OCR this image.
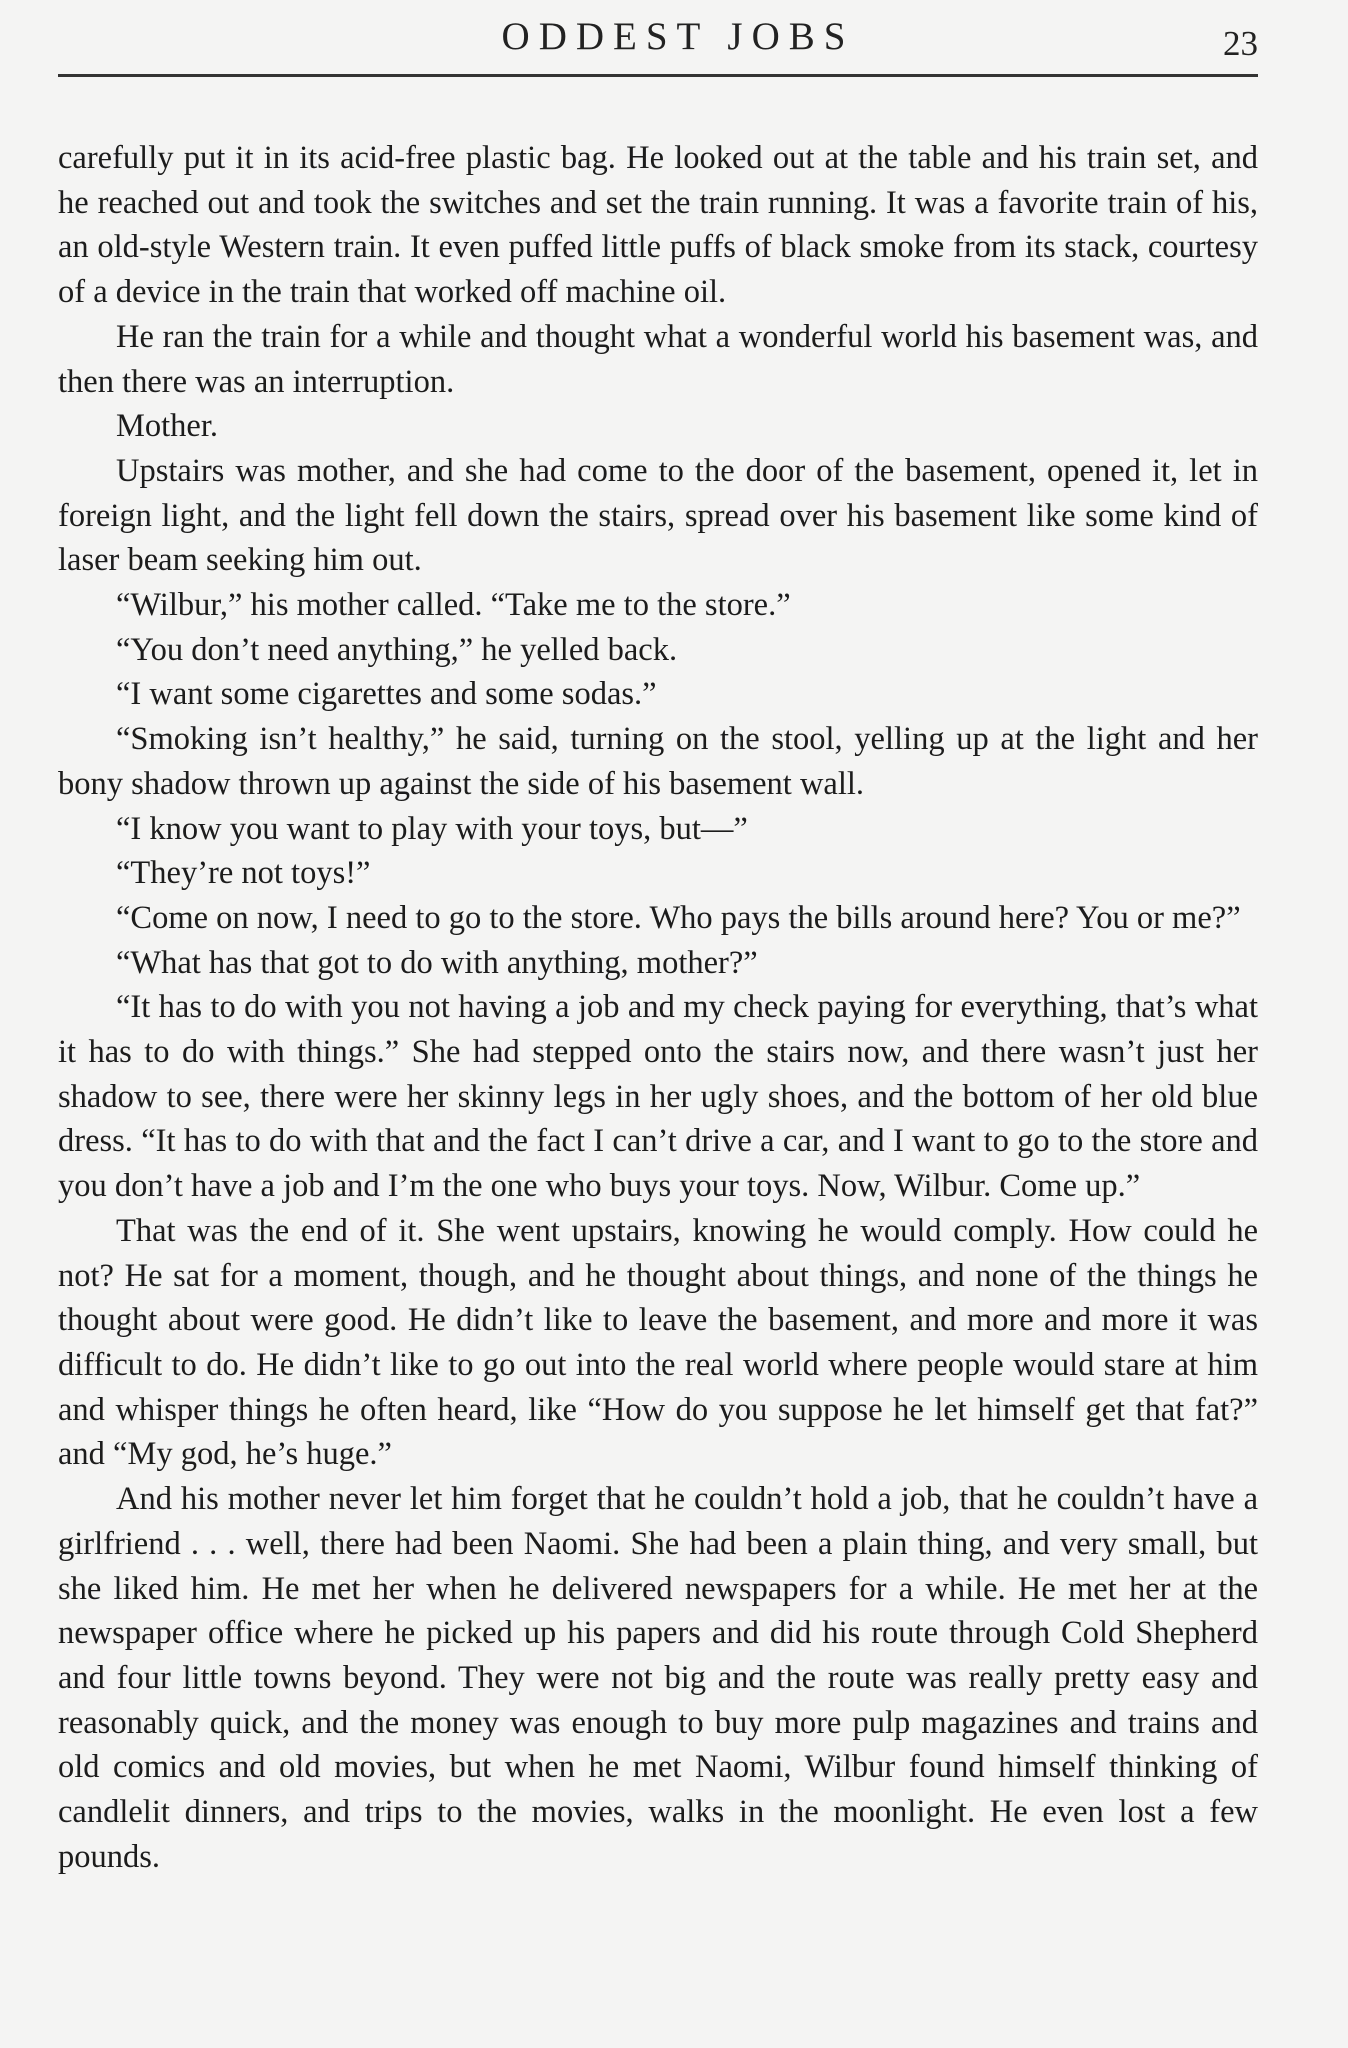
ODDEST JOBS	23

carefully put it in its acid-free plastic bag. He looked out at the table and his train set, and he reached out and took the switches and set the train running. It was a favorite train of his, an old-style Western train. It even puffed little puffs of black smoke from its stack, courtesy of a device in the train that worked off machine oil.

He ran the train for a while and thought what a wonderful world his basement was, and then there was an interruption.

Mother.

Upstairs was mother, and she had come to the door of the basement, opened it, let in foreign light, and the light fell down the stairs, spread over his basement like some kind of laser beam seeking him out.

“Wilbur,” his mother called. “Take me to the store.”

“You don’t need anything,” he yelled back.

“I want some cigarettes and some sodas.”

“Smoking isn’t healthy,” he said, turning on the stool, yelling up at the light and her bony shadow thrown up against the side of his basement wall.

“I know you want to play with your toys, but—”

“They’re not toys!”

“Come on now, I need to go to the store. Who pays the bills around here? You or me?”

“What has that got to do with anything, mother?”

“It has to do with you not having a job and my check paying for everything, that’s what it has to do with things.” She had stepped onto the stairs now, and there wasn’t just her shadow to see, there were her skinny legs in her ugly shoes, and the bottom of her old blue dress. “It has to do with that and the fact I can’t drive a car, and I want to go to the store and you don’t have a job and I’m the one who buys your toys. Now, Wilbur. Come up.”

That was the end of it. She went upstairs, knowing he would comply. How could he not? He sat for a moment, though, and he thought about things, and none of the things he thought about were good. He didn’t like to leave the basement, and more and more it was difficult to do. He didn’t like to go out into the real world where people would stare at him and whisper things he often heard, like “How do you suppose he let himself get that fat?” and “My god, he’s huge.”

And his mother never let him forget that he couldn’t hold a job, that he couldn’t have a girlfriend . . . well, there had been Naomi. She had been a plain thing, and very small, but she liked him. He met her when he delivered newspapers for a while. He met her at the newspaper office where he picked up his papers and did his route through Cold Shepherd and four little towns beyond. They were not big and the route was really pretty easy and reasonably quick, and the money was enough to buy more pulp magazines and trains and old comics and old movies, but when he met Naomi, Wilbur found himself thinking of candlelit dinners, and trips to the movies, walks in the moonlight. He even lost a few pounds.
